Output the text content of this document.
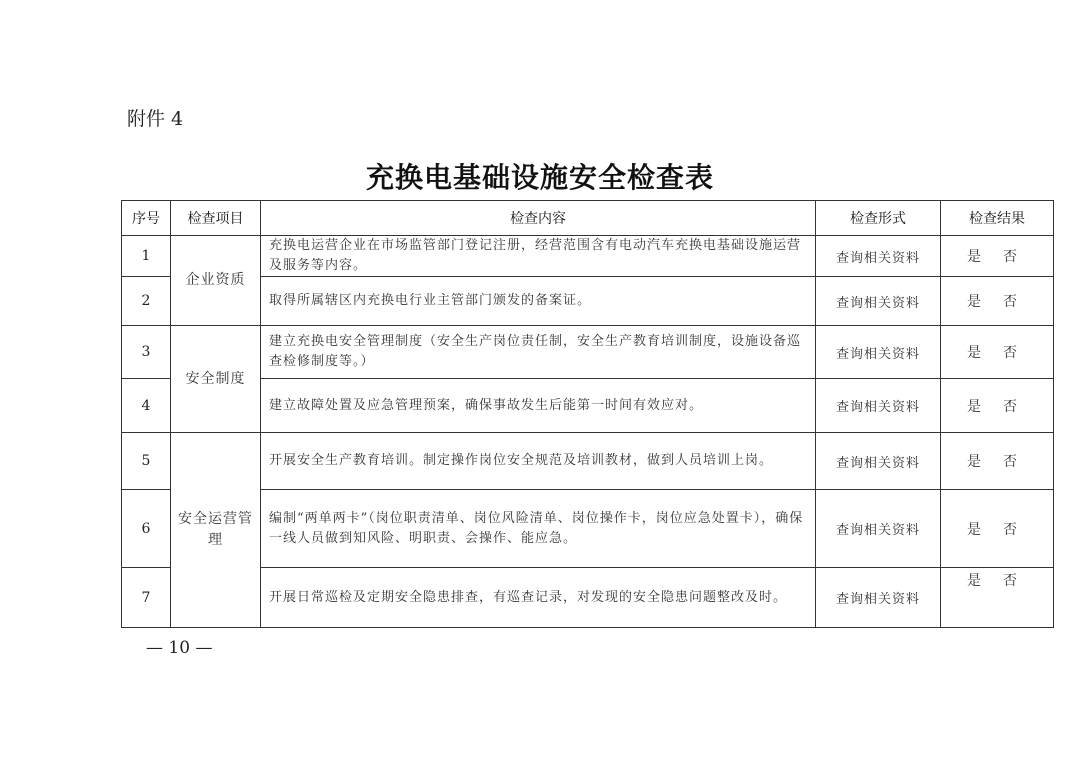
附件 4
充换电基础设施安全检查表
序号	检查项目	检查内容	检查形式	检查结果
1	企业资质	充换电运营企业在市场监管部门登记注册，经营范围含有电动汽车充换电基础设施运营及服务等内容。	查询相关资料	是 否
2		取得所属辖区内充换电行业主管部门颁发的备案证。	查询相关资料	是 否
3	安全制度	建立充换电安全管理制度（安全生产岗位责任制，安全生产教育培训制度，设施设备巡查检修制度等。）	查询相关资料	是 否
4		建立故障处置及应急管理预案，确保事故发生后能第一时间有效应对。	查询相关资料	是 否
5	安全运营管理	开展安全生产教育培训。制定操作岗位安全规范及培训教材，做到人员培训上岗。	查询相关资料	是 否
6		编制“两单两卡”（岗位职责清单、岗位风险清单、岗位操作卡，岗位应急处置卡），确保一线人员做到知风险、明职责、会操作、能应急。	查询相关资料	是 否
7		开展日常巡检及定期安全隐患排查，有巡查记录，对发现的安全隐患问题整改及时。	查询相关资料	是 否
— 10 —
